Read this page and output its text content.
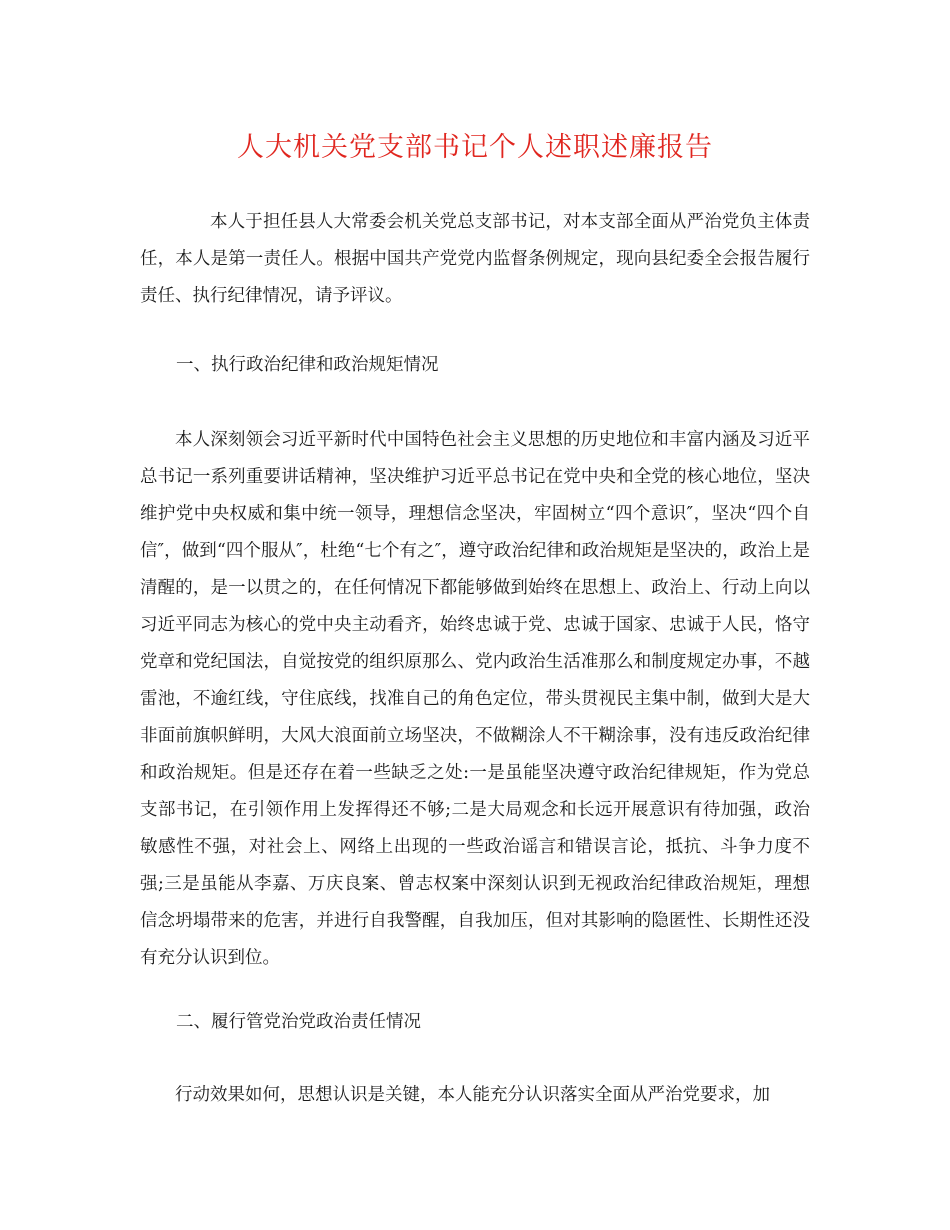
人大机关党支部书记个人述职述廉报告

本人于担任县人大常委会机关党总支部书记，对本支部全面从严治党负主体责任，本人是第一责任人。根据中国共产党党内监督条例规定，现向县纪委全会报告履行责任、执行纪律情况，请予评议。

一、执行政治纪律和政治规矩情况

本人深刻领会习近平新时代中国特色社会主义思想的历史地位和丰富内涵及习近平总书记一系列重要讲话精神，坚决维护习近平总书记在党中央和全党的核心地位，坚决维护党中央权威和集中统一领导，理想信念坚决，牢固树立“四个意识″，坚决“四个自信″，做到“四个服从″，杜绝“七个有之″，遵守政治纪律和政治规矩是坚决的，政治上是清醒的，是一以贯之的，在任何情况下都能够做到始终在思想上、政治上、行动上向以习近平同志为核心的党中央主动看齐，始终忠诚于党、忠诚于国家、忠诚于人民，恪守党章和党纪国法，自觉按党的组织原那么、党内政治生活准那么和制度规定办事，不越雷池，不逾红线，守住底线，找准自己的角色定位，带头贯视民主集中制，做到大是大非面前旗帜鲜明，大风大浪面前立场坚决，不做糊涂人不干糊涂事，没有违反政治纪律和政治规矩。但是还存在着一些缺乏之处:一是虽能坚决遵守政治纪律规矩，作为党总支部书记，在引领作用上发挥得还不够;二是大局观念和长远开展意识有待加强，政治敏感性不强，对社会上、网络上出现的一些政治谣言和错误言论，抵抗、斗争力度不强;三是虽能从李嘉、万庆良案、曾志权案中深刻认识到无视政治纪律政治规矩，理想信念坍塌带来的危害，并进行自我警醒，自我加压，但对其影响的隐匿性、长期性还没有充分认识到位。

二、履行管党治党政治责任情况

行动效果如何，思想认识是关键，本人能充分认识落实全面从严治党要求，加
